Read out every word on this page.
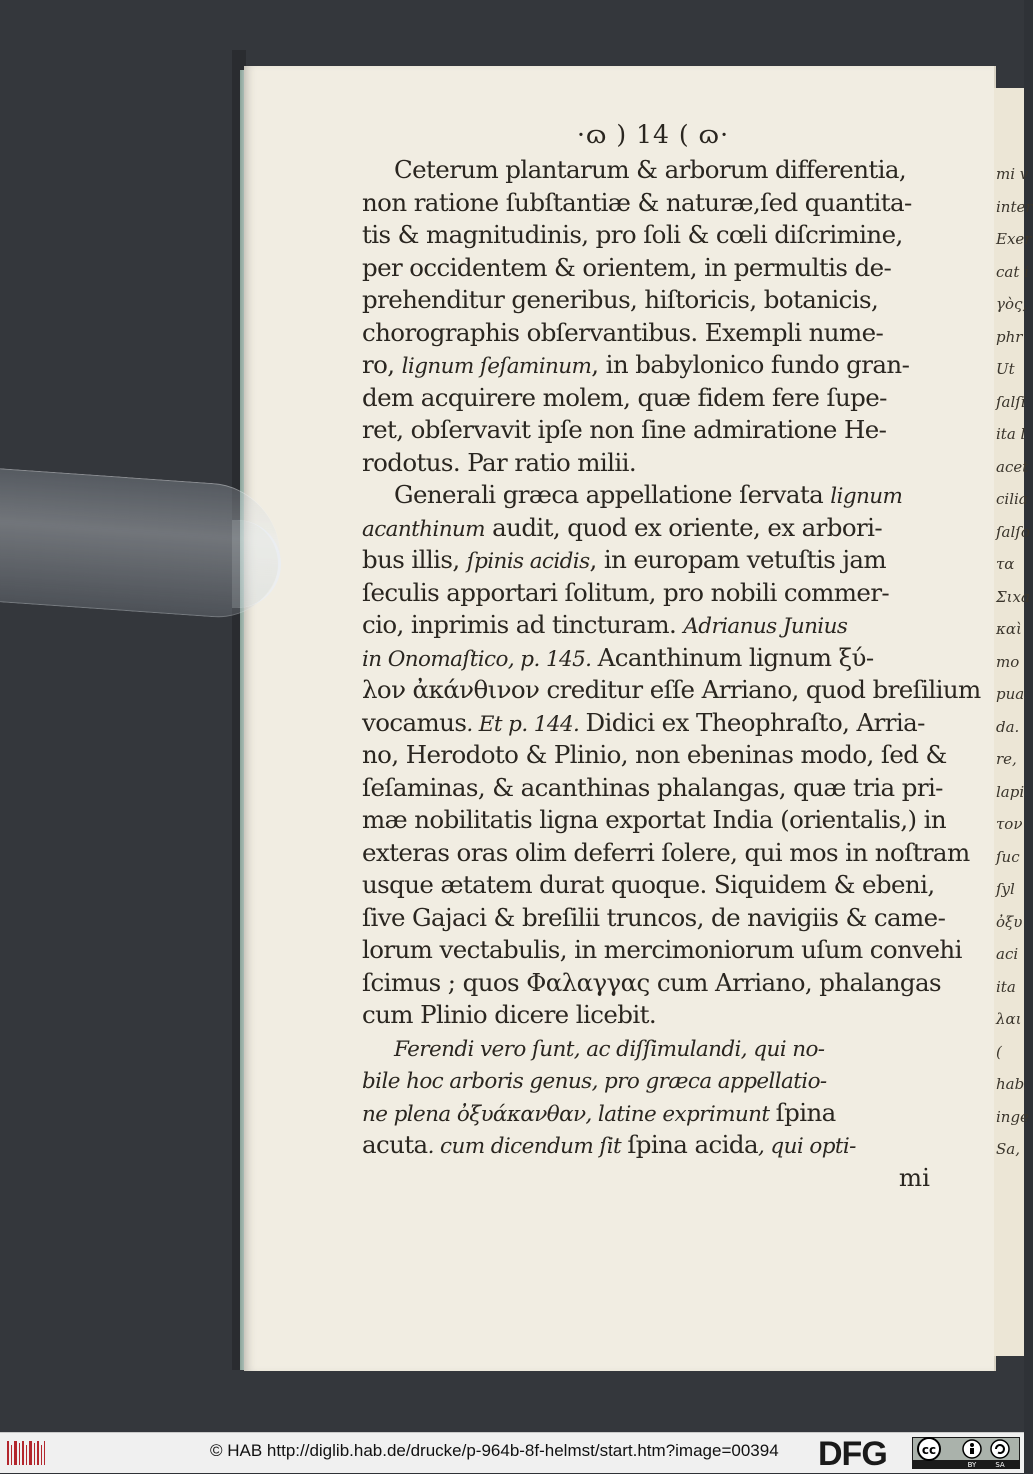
mi v
inter
Exer
cat i
γὸς,
phr
Ut
ſalſi
ita l
acet
cilia
ſalſo
τα
Σιxa
καὶ
mo
pua
da.
re,
lapi
τον
ſuc
ſyl
ὀξυ
aci
ita
λαι
(
hab
inge
Sa,
·ɷ ) 14 ( ɷ·
Ceterum plantarum & arborum differentia,
non ratione ſubſtantiæ & naturæ,ſed quantita-
tis & magnitudinis, pro ſoli & cœli diſcrimine,
per occidentem & orientem, in permultis de-
prehenditur generibus, hiſtoricis, botanicis,
chorographis obſervantibus. Exempli nume-
ro, lignum ſeſaminum, in babylonico fundo gran-
dem acquirere molem, quæ fidem fere ſupe-
ret, obſervavit ipſe non ſine admiratione He-
rodotus. Par ratio milii.
Generali græca appellatione ſervata lignum
acanthinum audit, quod ex oriente, ex arbori-
bus illis, ſpinis acidis, in europam vetuſtis jam
ſeculis apportari ſolitum, pro nobili commer-
cio, inprimis ad tincturam. Adrianus Junius
in Onomaſtico, p. 145. Acanthinum lignum ξύ-
λον ἀκάνθινον creditur eſſe Arriano, quod breſilium
vocamus. Et p. 144. Didici ex Theophraſto, Arria-
no, Herodoto & Plinio, non ebeninas modo, ſed &
ſeſaminas, & acanthinas phalangas, quæ tria pri-
mæ nobilitatis ligna exportat India (orientalis,) in
exteras oras olim deferri ſolere, qui mos in noſtram
usque ætatem durat quoque. Siquidem & ebeni,
ſive Gajaci & breſilii truncos, de navigiis & came-
lorum vectabulis, in mercimoniorum uſum convehi
ſcimus ; quos Φαλαγγας cum Arriano, phalangas
cum Plinio dicere licebit.
Ferendi vero ſunt, ac diſſimulandi, qui no-
bile hoc arboris genus, pro græca appellatio-
ne plena ὀξυάκανθαν, latine exprimunt ſpina
acuta. cum dicendum ſit ſpina acida, qui opti-
mi
© HAB http://diglib.hab.de/drucke/p-964b-8f-helmst/start.htm?image=00394 DFG	cc
BY	SA
